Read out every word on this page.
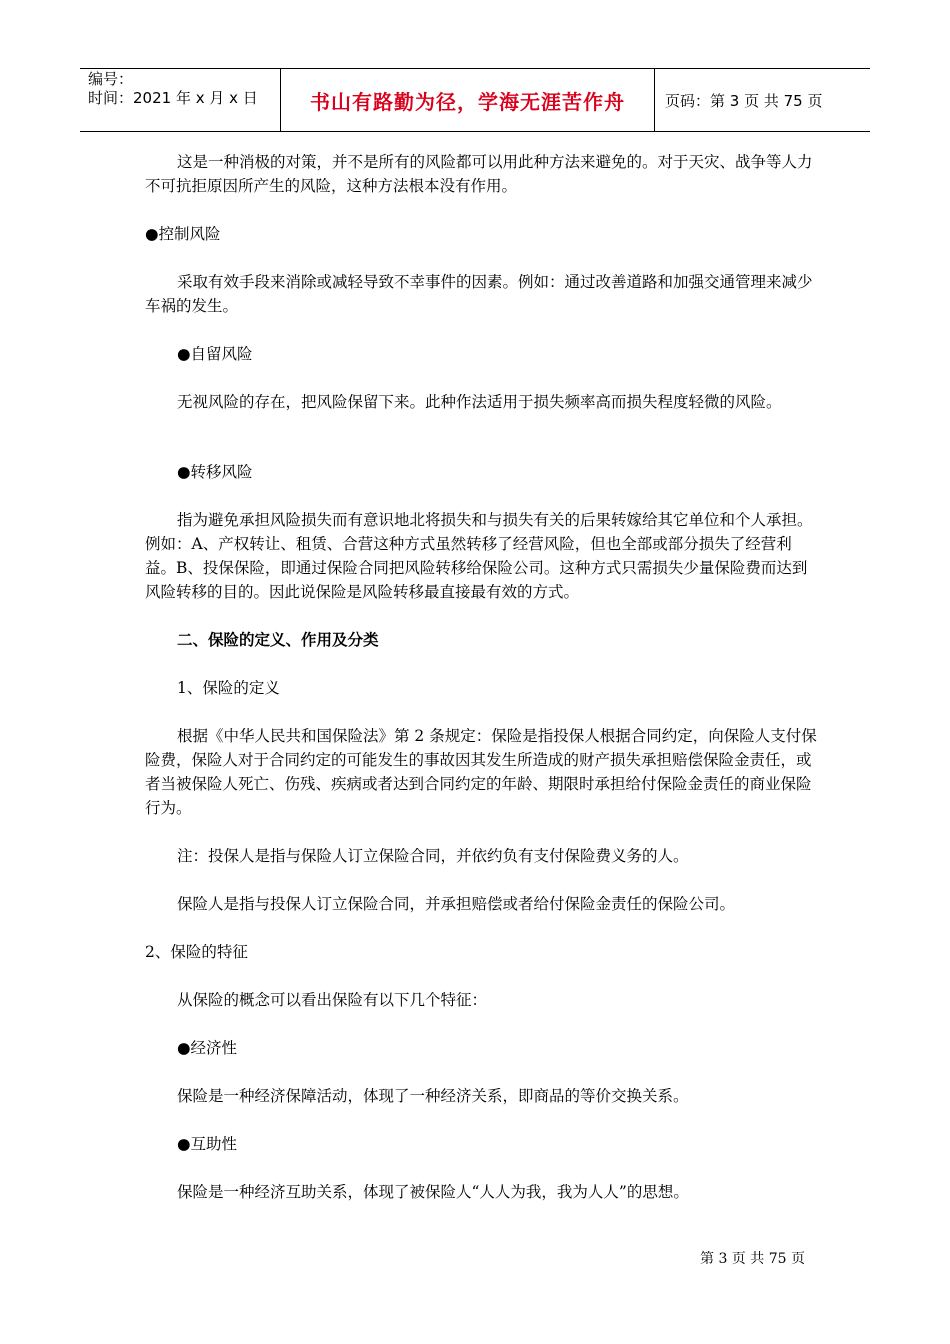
编号：
时间：2021 年 x 月 x 日	书山有路勤为径，学海无涯苦作舟	页码：第 3 页 共 75 页

这是一种消极的对策，并不是所有的风险都可以用此种方法来避免的。对于天灾、战争等人力不可抗拒原因所产生的风险，这种方法根本没有作用。

●控制风险

采取有效手段来消除或减轻导致不幸事件的因素。例如：通过改善道路和加强交通管理来减少车祸的发生。

●自留风险

无视风险的存在，把风险保留下来。此种作法适用于损失频率高而损失程度轻微的风险。

●转移风险

指为避免承担风险损失而有意识地北将损失和与损失有关的后果转嫁给其它单位和个人承担。例如：A、产权转让、租赁、合营这种方式虽然转移了经营风险，但也全部或部分损失了经营利益。B、投保保险，即通过保险合同把风险转移给保险公司。这种方式只需损失少量保险费而达到风险转移的目的。因此说保险是风险转移最直接最有效的方式。

二、保险的定义、作用及分类

1、保险的定义

根据《中华人民共和国保险法》第 2 条规定：保险是指投保人根据合同约定，向保险人支付保险费，保险人对于合同约定的可能发生的事故因其发生所造成的财产损失承担赔偿保险金责任，或者当被保险人死亡、伤残、疾病或者达到合同约定的年龄、期限时承担给付保险金责任的商业保险行为。

注：投保人是指与保险人订立保险合同，并依约负有支付保险费义务的人。

保险人是指与投保人订立保险合同，并承担赔偿或者给付保险金责任的保险公司。

2、保险的特征

从保险的概念可以看出保险有以下几个特征：

●经济性

保险是一种经济保障活动，体现了一种经济关系，即商品的等价交换关系。

●互助性

保险是一种经济互助关系，体现了被保险人“人人为我，我为人人”的思想。

第 3 页 共 75 页
